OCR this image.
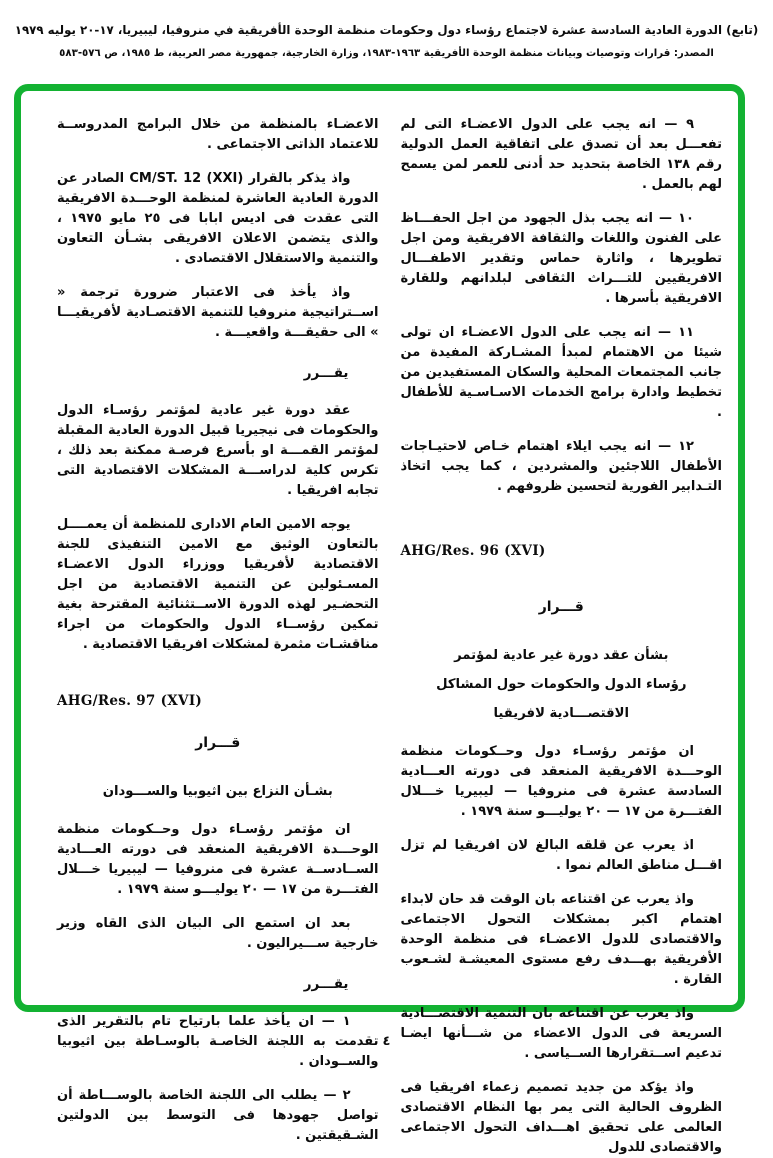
(تابع) الدورة العادية السادسة عشرة لاجتماع رؤساء دول وحكومات منظمة الوحدة الأفريقية في منروفيا، ليبيريا، ١٧-٢٠ يوليه ١٩٧٩
المصدر: قرارات وتوصيات وبيانات منظمة الوحدة الأفريقية ١٩٦٣-١٩٨٣، وزارة الخارجية، جمهورية مصر العربية، ط ١٩٨٥، ص ٥٧٦-٥٨٣

٩ — انه يجب على الدول الاعضـاء التى لم تفعـــل بعد أن تصدق على اتفاقية العمل الدولية رقم ١٣٨ الخاصة بتحديد حد أدنى للعمر لمن يسمح لهم بالعمل .

١٠ — انه يجب بذل الجهود من اجل الحفـــاظ على الفنون واللغات والثقافة الافريقية ومن اجل تطويرها ، واثارة حماس وتقدير الاطفـــال الافريقيين للتـــراث الثقافى لبلدانهم وللقارة الافريقية بأسرها .

١١ — انه يجب على الدول الاعضـاء ان تولى شيئا من الاهتمام لمبدأ المشـاركة المفيدة من جانب المجتمعات المحلية والسكان المستفيدين من تخطيط وادارة برامج الخدمات الاسـاسـية للأطفال .

١٢ — انه يجب ايلاء اهتمام خـاص لاحتيـاجات الأطفال اللاجئين والمشردين ، كما يجب اتخاذ التـدابير الفورية لتحسين ظروفهم .

AHG/Res. 96 (XVI)
قـــرار
بشأن عقد دورة غير عادية لمؤتمر
رؤساء الدول والحكومات حول المشاكل
الاقتصـــادية لافريقيا

ان مؤتمر رؤسـاء دول وحــكومات منظمة الوحـــدة الافريقية المنعقد فى دورته العـــادية السادسة عشرة فى منروفيا — ليبيريا خـــلال الفتـــرة من ١٧ — ٢٠ يوليـــو سنة ١٩٧٩ .

اذ يعرب عن قلقه البالغ لان افريقيا لم تزل اقـــل مناطق العالم نموا .

واذ يعرب عن اقتناعه بان الوقت قد حان لابداء اهتمام اكبر بمشكلات التحول الاجتماعى والاقتصادى للدول الاعضـاء فى منظمة الوحدة الأفريقية بهـــدف رفع مستوى المعيشـة لشـعوب القارة .

واذ يعرب عن اقتناعه بان التنمية الاقتصـــادية السريعة فى الدول الاعضاء من شـــأنها ايضـا تدعيم اســتقرارها الســياسى .

واذ يؤكد من جديد تصميم زعماء افريقيا فى الظروف الحالية التى يمر بها النظام الاقتصادى العالمى على تحقيق اهـــداف التحول الاجتماعى والاقتصادى للدول

الاعضـاء بالمنظمة من خلال البرامج المدروســة للاعتماد الذاتى الاجتماعى .

واذ يذكر بالقرار CM/ST. 12 (XXI) الصادر عن الدورة العادية العاشرة لمنظمة الوحـــدة الافريقية التى عقدت فى اديس ابابا فى ٢٥ مايو ١٩٧٥ ، والذى يتضمن الاعلان الافريقى بشـأن التعاون والتنمية والاستقلال الاقتصادى .

واذ يأخذ فى الاعتبار ضرورة ترجمة « اســتراتيجية منروفيا للتنمية الاقتصـادية لأفريقيـــا » الى حقيقـــة واقعيـــة .

يقـــرر

عقد دورة غير عادية لمؤتمر رؤسـاء الدول والحكومات فى نيجيريا قبيل الدورة العادية المقبلة لمؤتمر القمـــة او بأسرع فرصـة ممكنة بعد ذلك ، تكرس كلية لدراســـة المشكلات الاقتصادية التى تجابه افريقيا .

يوجه الامين العام الادارى للمنظمة أن يعمــــل بالتعاون الوثيق مع الامين التنفيذى للجنة الاقتصادية لأفريقيا ووزراء الدول الاعضـاء المسـئولين عن التنمية الاقتصادية من اجل التحضـير لهذه الدورة الاســتثنائية المقترحة بغية تمكين رؤســاء الدول والحكومات من اجراء مناقشـات مثمرة لمشكلات افريقيا الاقتصادية .

AHG/Res. 97 (XVI)
قـــرار
بشـأن النزاع بين اثيوبيا والســـودان

ان مؤتمر رؤسـاء دول وحــكومات منظمة الوحـــدة الافريقية المنعقد فى دورته العـــادية الســادســة عشرة فى منروفيا — ليبيريا خـــلال الفتـــرة من ١٧ — ٢٠ يوليـــو سنة ١٩٧٩ .

بعد ان استمع الى البيان الذى القاه وزير خارجية ســـيراليون .

يقـــرر

١ — ان يأخذ علما بارتياح تام بالتقرير الذى تقدمت به اللجنة الخاصـة بالوسـاطة بين اثيوبيا والســودان .

٢ — يطلب الى اللجنة الخاصة بالوســـاطة أن تواصل جهودها فى التوسط بين الدولتين الشـقيقتين .

٤
